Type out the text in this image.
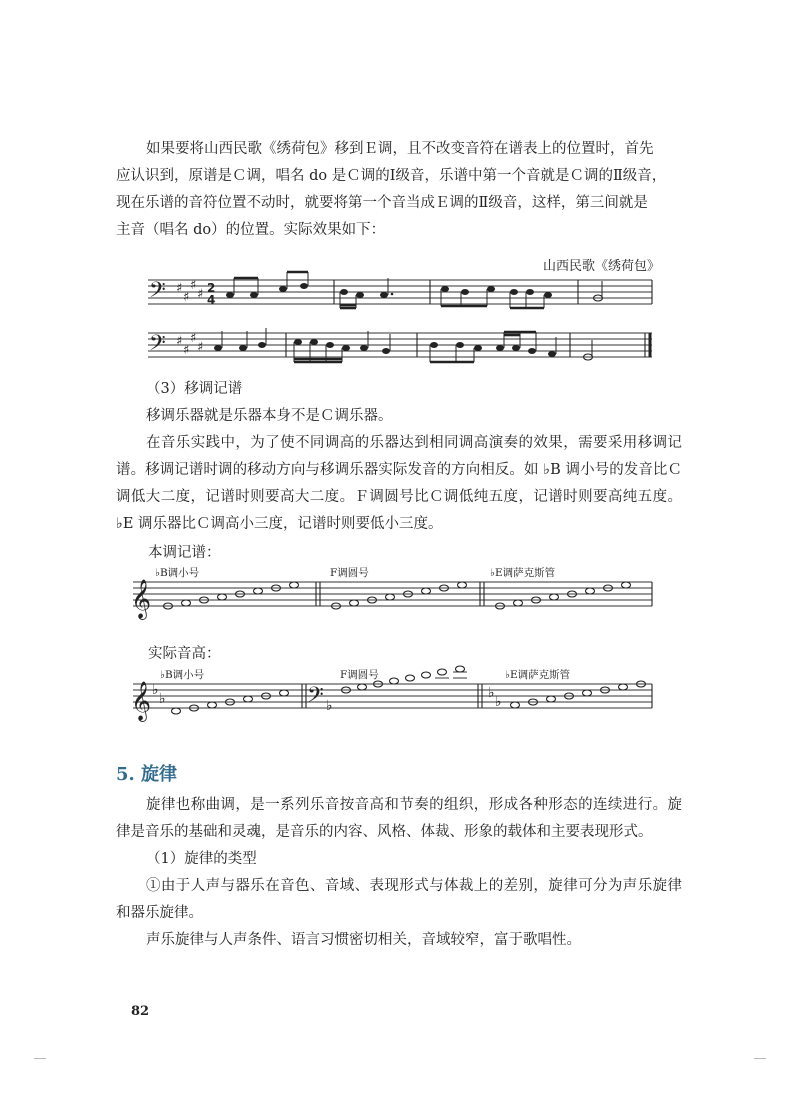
如果要将山西民歌《绣荷包》移到Ｅ调，且不改变音符在谱表上的位置时，首先

应认识到，原谱是Ｃ调，唱名 do 是Ｃ调的Ⅰ级音，乐谱中第一个音就是Ｃ调的Ⅱ级音，

现在乐谱的音符位置不动时，就要将第一个音当成Ｅ调的Ⅱ级音，这样，第三间就是

主音（唱名 do）的位置。实际效果如下：

山西民歌《绣荷包》
𝄢
𝄢
♯
♯
♯
♯
♯
♯
♯
♯
2
4

（3）移调记谱

移调乐器就是乐器本身不是Ｃ调乐器。

在音乐实践中，为了使不同调高的乐器达到相同调高演奏的效果，需要采用移调记谱。移调记谱时调的移动方向与移调乐器实际发音的方向相反。如 ♭B 调小号的发音比Ｃ调低大二度，记谱时则要高大二度。Ｆ调圆号比Ｃ调低纯五度，记谱时则要高纯五度。♭E 调乐器比Ｃ调高小三度，记谱时则要低小三度。

本调记谱：

♭B调小号	F调圆号	♭E调萨克斯管
𝄞

实际音高：

♭B调小号	F调圆号	♭E调萨克斯管
𝄞 ♭
♭	𝄢 ♭
♭
♭
5. 旋律

旋律也称曲调，是一系列乐音按音高和节奏的组织，形成各种形态的连续进行。旋律是音乐的基础和灵魂，是音乐的内容、风格、体裁、形象的载体和主要表现形式。

（1）旋律的类型

①由于人声与器乐在音色、音域、表现形式与体裁上的差别，旋律可分为声乐旋律和器乐旋律。

声乐旋律与人声条件、语言习惯密切相关，音域较窄，富于歌唱性。

82
